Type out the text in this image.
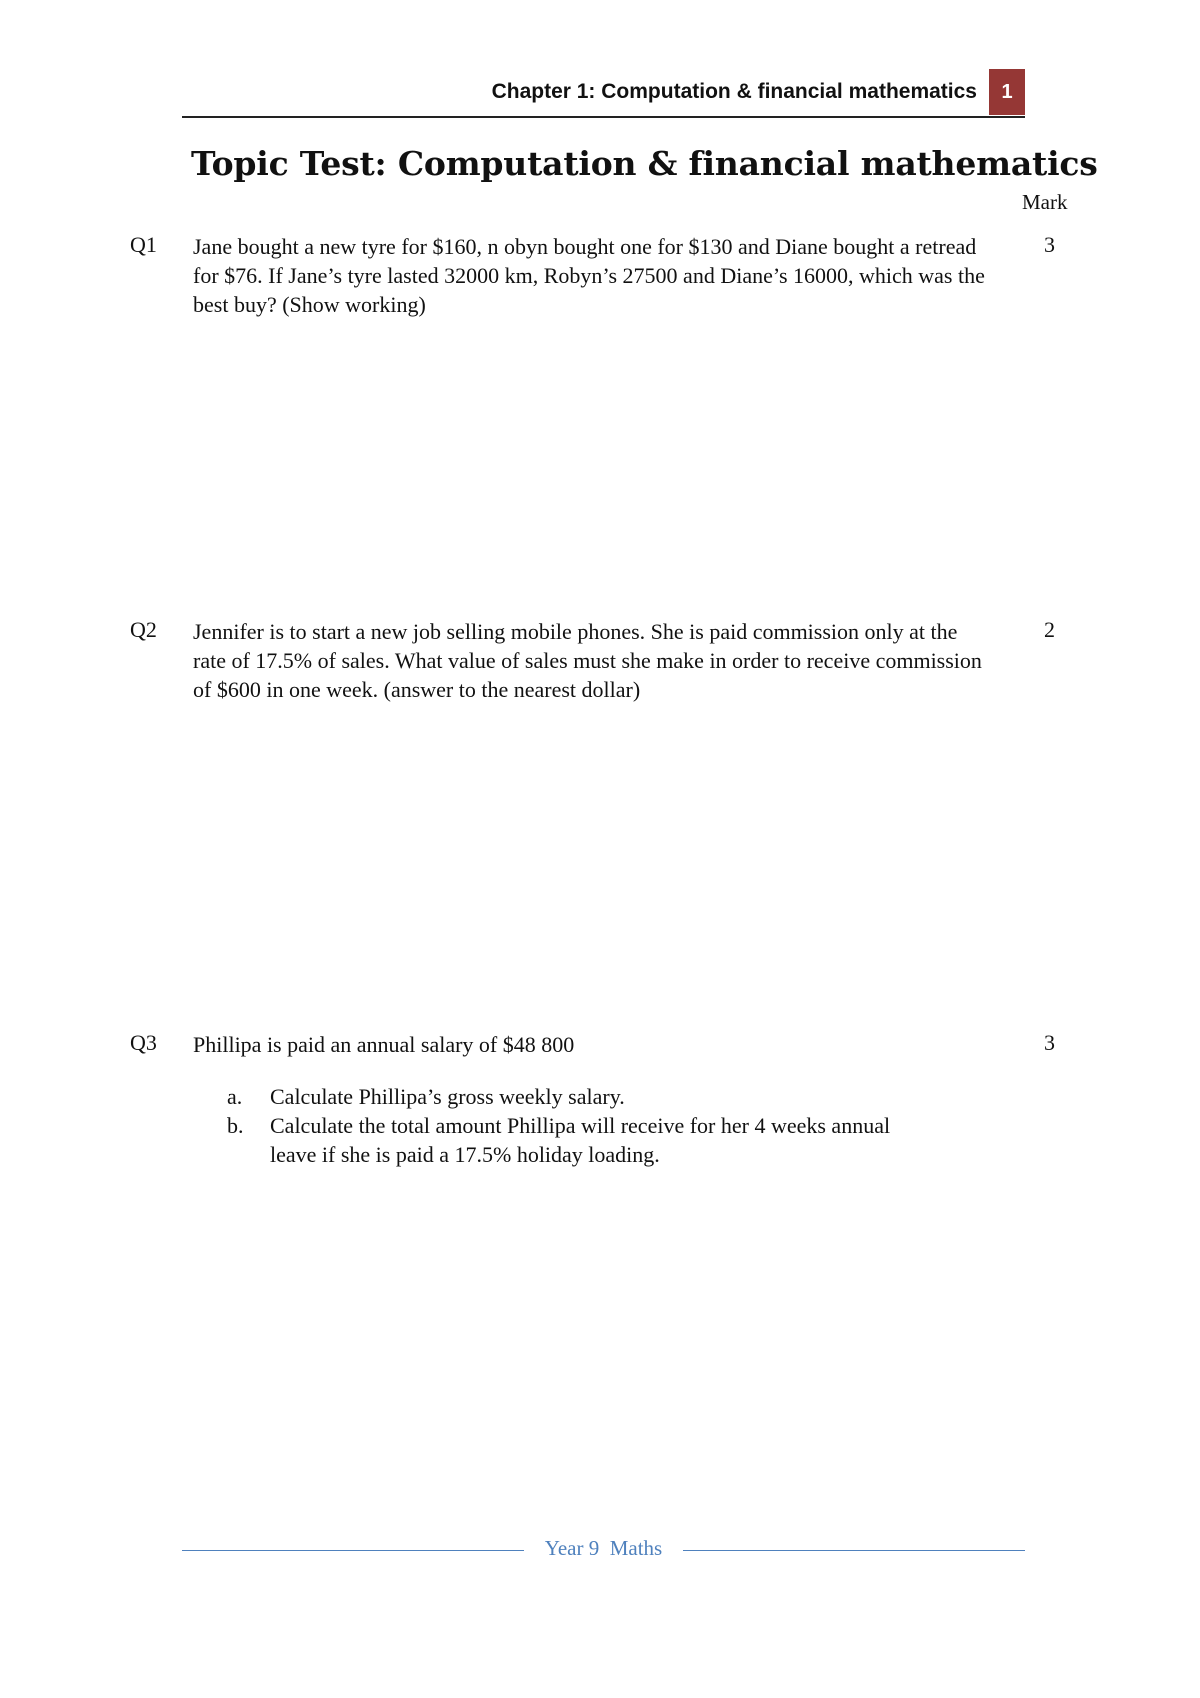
Chapter 1: Computation & financial mathematics	1
Topic Test: Computation & financial mathematics
Mark
Q1 Jane bought a new tyre for $160, n obyn bought one for $130 and Diane bought a retread for $76. If Jane’s tyre lasted 32000 km, Robyn’s 27500 and Diane’s 16000, which was the best buy? (Show working)
3
Q2 Jennifer is to start a new job selling mobile phones. She is paid commission only at the rate of 17.5% of sales. What value of sales must she make in order to receive commission of $600 in one week. (answer to the nearest dollar)
2
Q3 Phillipa is paid an annual salary of $48 800	3
a. Calculate Phillipa’s gross weekly salary.
b. Calculate the total amount Phillipa will receive for her 4 weeks annual leave if she is paid a 17.5% holiday loading.
Year 9  Maths
